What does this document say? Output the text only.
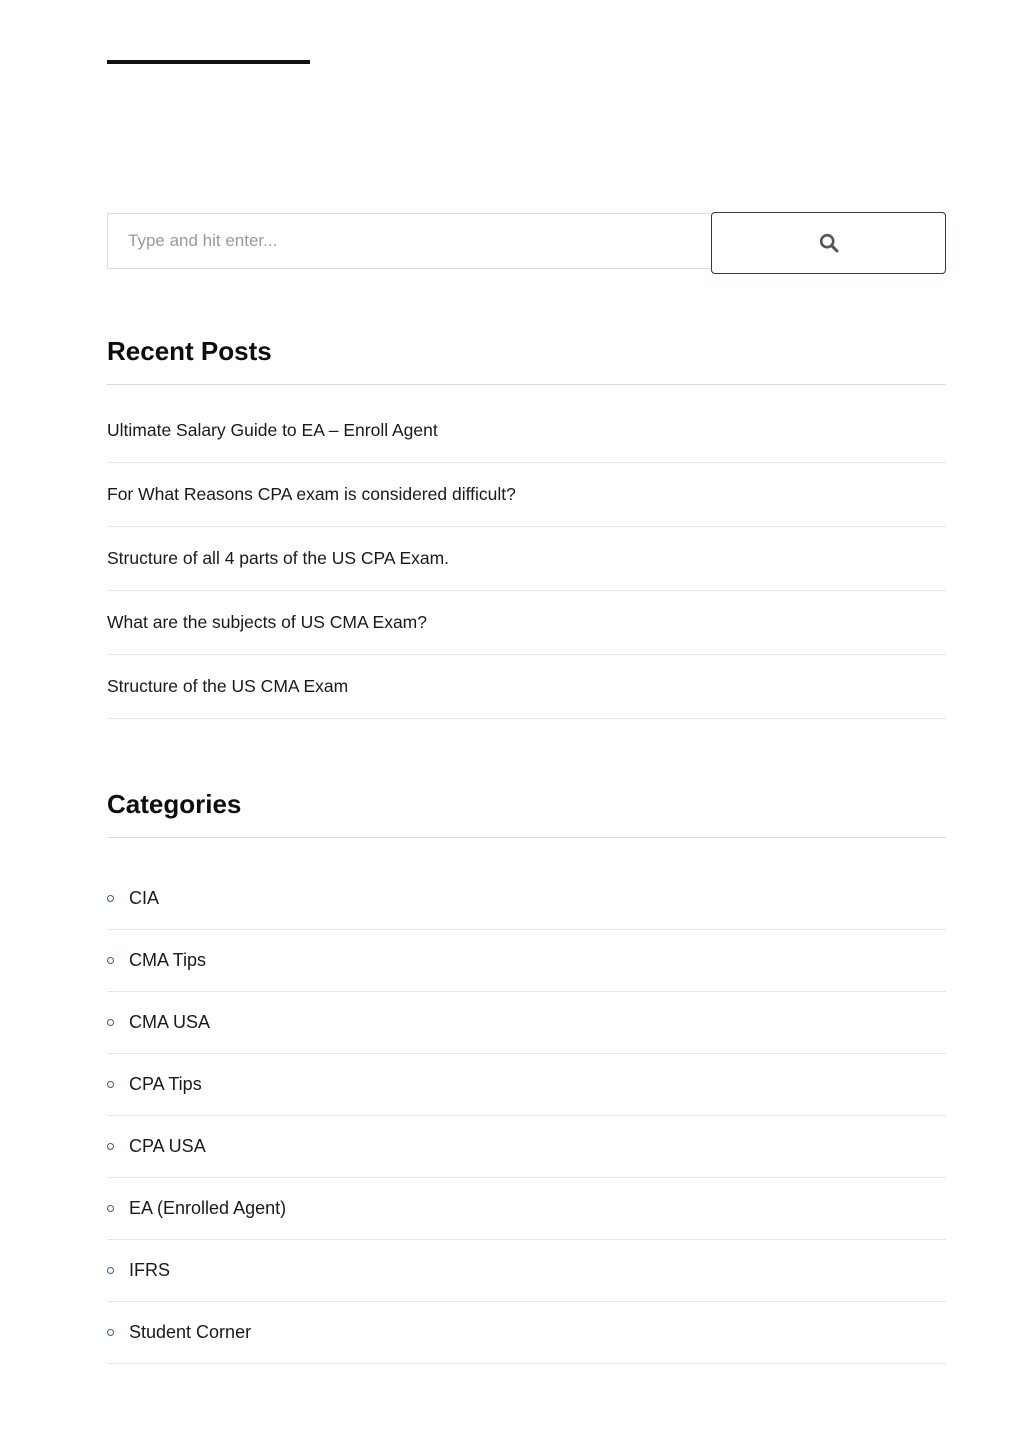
Type and hit enter...
Recent Posts
Ultimate Salary Guide to EA – Enroll Agent
For What Reasons CPA exam is considered difficult?
Structure of all 4 parts of the US CPA Exam.
What are the subjects of US CMA Exam?
Structure of the US CMA Exam
Categories
CIA
CMA Tips
CMA USA
CPA Tips
CPA USA
EA (Enrolled Agent)
IFRS
Student Corner
